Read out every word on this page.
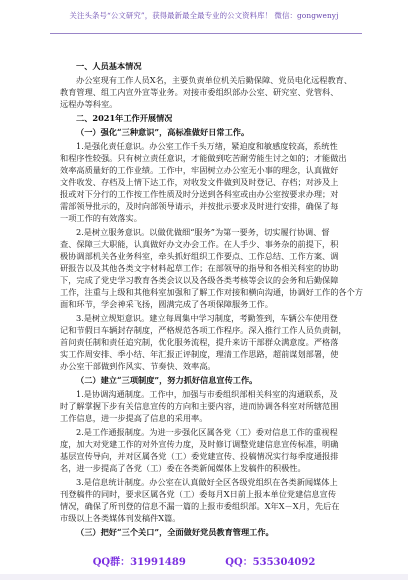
关注头条号“公文研究”，获得最新最全最专业的公文资料库！ 微信：gongwenyj
一、人员基本情况
办公室现有工作人员X名，主要负责单位机关后勤保障、党员电化远程教育、
教育管理、组工内宣外宣等业务。对接市委组织部办公室、研究室、党管科、
远程办等科室。
二、2021年工作开展情况
（一）强化“三种意识”，高标准做好日常工作。
1.是强化责任意识。办公室工作千头万绪，紧迫度和敏感度较高，系统性
和程序性较强。只有树立责任意识，才能做到吃苦耐劳能生讨之如的；才能做出
效率高质量好的工作业绩。工作中，牢固树立办公室无小事的理念，认真做好
文件收发、存档及上情下达工作，对收发文件做到及时登记、存档；对涉及上
报或对下分行的工作按工作性质及时分送到各科室或由办公室按要求办理；对
需部领导批示的，及时向部领导请示，并按批示要求及时进行安排，确保了每
一项工作的有效落实。
2.是树立服务意识。以做优做细“服务”为第一要务，切实履行协调、督
查、保障三大职能，认真做好办文办会工作。在人手少、事务杂的前提下，积
极协调部机关各业务科室，牵头抓好组织工作要点、工作总结、工作方案、调
研报告以及其他各类文字材料起草工作；在部领导的指导和各相关科室的协助
下，完成了党史学习教育各类会议以及各级各类考核等会议的会务和后勤保障
工作，注重与上级和其他科室加强和了解工作对接和横向沟通，协调好工作的各个方
面和环节，学会神采飞扬，圆满完成了各项保障服务工作。
3.是树立规矩意识。建立每周集中学习制度，考勤签到，车辆公车使用登
记和节假日车辆封存制度，严格规范各项工作程序。深入推行工作人员负责制，
首问责任制和责任追究制，优化服务流程，提升来访干部群众满意度。严格落
实工作周安排、季小结、年汇报正评制度，理清工作思路，超前谋划部署，使
办公室干部做到作风实、节奏快、效率高。
（二）建立“三项制度”，努力抓好信息宣传工作。
1.是协调沟通制度。工作中，加强与市委组织部相关科室的沟通联系，及
时了解掌握下步有关信息宣传的方向和主要内容，进而协调各科室对所辖范围
工作信息，进一步提高了信息的采用率。
2.是工作通报制度。为进一步强化区属各党（工）委对信息工作的重视程
度，加大对党建工作的对外宣传力度，及时修订调整党建信息宣传标准，明确
基层宣传导向，并对区属各党（工）委党建宣传、投稿情况实行每季度通报排
名，进一步提高了各党（工）委在各类新闻媒体上发稿件的积极性。
3.是信息统计制度。办公室在认真做好全区各级党组织在各类新闻媒体上
刊登稿件的同时，要求区属各党（工）委每月X日前上报本单位党建信息宣传
情况，确保了所刊登的信息不漏一篇的上报市委组织部。X年X－X月，先后在
市级以上各类媒体刊发稿件X篇。
（三）把好“三个关口”，全面做好党员教育管理工作。
QQ群：31991489	QQ：535304092
